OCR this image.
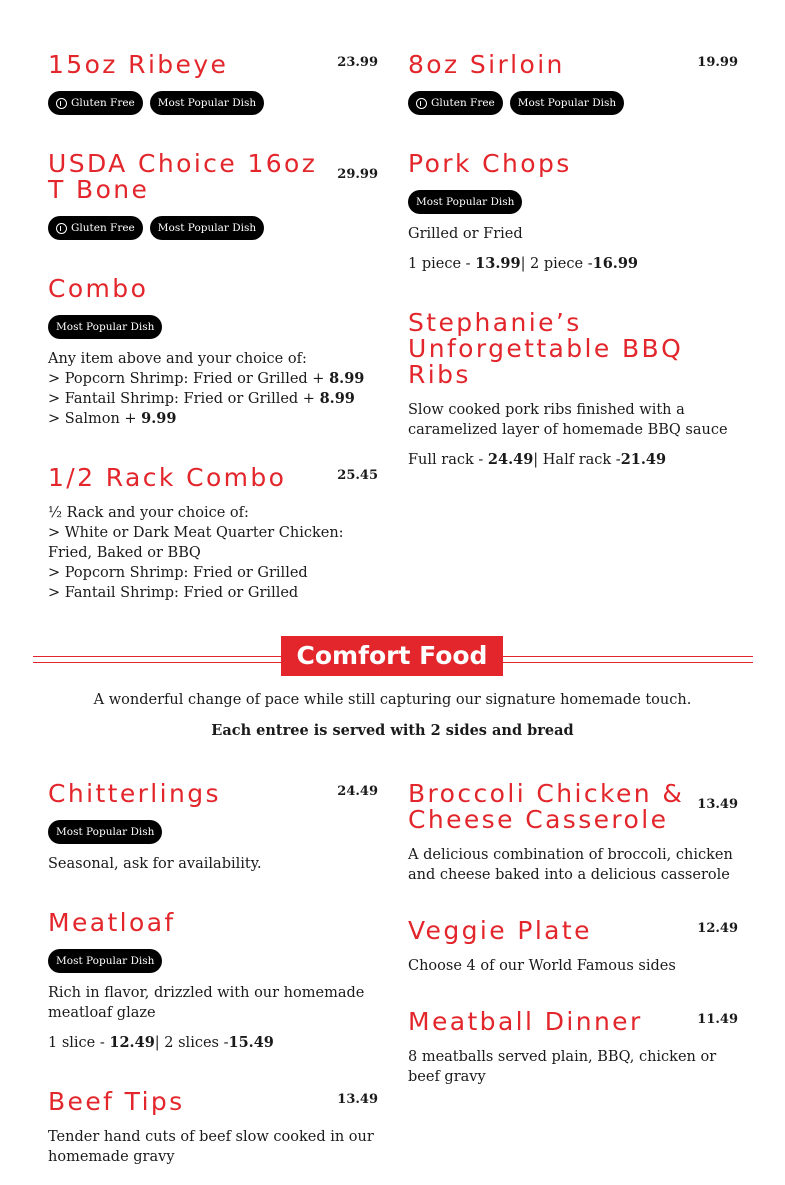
15oz Ribeye	23.99
Gluten Free	Most Popular Dish
USDA Choice 16oz T Bone
29.99
Gluten Free	Most Popular Dish
Combo
Most Popular Dish
Any item above and your choice of:
> Popcorn Shrimp: Fried or Grilled + 8.99
> Fantail Shrimp: Fried or Grilled + 8.99
> Salmon + 9.99
1/2 Rack Combo	25.45
½ Rack and your choice of:
> White or Dark Meat Quarter Chicken: Fried, Baked or BBQ
> Popcorn Shrimp: Fried or Grilled
> Fantail Shrimp: Fried or Grilled
8oz Sirloin	19.99
Gluten Free	Most Popular Dish
Pork Chops
Most Popular Dish
Grilled or Fried
1 piece - 13.99| 2 piece -16.99
Stephanie’s Unforgettable BBQ Ribs
Slow cooked pork ribs finished with a caramelized layer of homemade BBQ sauce
Full rack - 24.49| Half rack -21.49
Comfort Food
A wonderful change of pace while still capturing our signature homemade touch.
Each entree is served with 2 sides and bread
Chitterlings	24.49
Most Popular Dish
Seasonal, ask for availability.
Meatloaf
Most Popular Dish
Rich in flavor, drizzled with our homemade meatloaf glaze
1 slice - 12.49| 2 slices -15.49
Beef Tips	13.49
Tender hand cuts of beef slow cooked in our homemade gravy
Broccoli Chicken & Cheese Casserole
13.49
A delicious combination of broccoli, chicken and cheese baked into a delicious casserole
Veggie Plate	12.49
Choose 4 of our World Famous sides
Meatball Dinner	11.49
8 meatballs served plain, BBQ, chicken or beef gravy
